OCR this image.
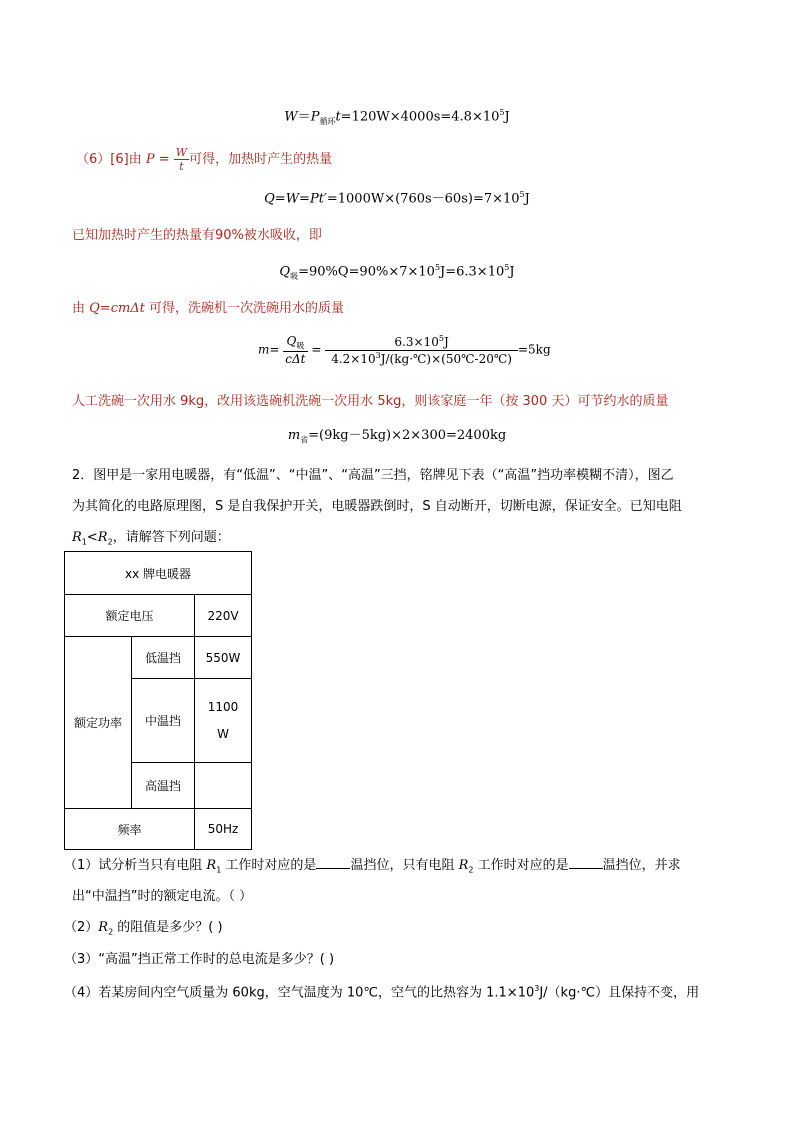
$W=P_{循环}t=120W\times 4000s=4.8\times 10^5J$
（6）[6]由 $P = \frac{W}{t}$ 可得，加热时产生的热量
$Q=W=Pt'=1000W\times(760s-60s)=7\times 10^5J$
已知加热时产生的热量有90%被水吸收，即
$Q_吸=90\%Q=90\%\times 7\times 10^5J=6.3\times 10^5J$
由 Q=cmΔt 可得，洗碗机一次洗碗用水的质量
$m= \frac{Q_吸}{\text{cΔt}} = \frac{6.3\times 10^5J}{4.2\times 10^3J/(kg\cdot℃)\times(50℃-20℃)} =5kg$
人工洗碗一次用水 9kg，改用该选碗机洗碗一次用水 5kg，则该家庭一年（按 300 天）可节约水的质量
$m_省=(9kg-5kg)\times 2\times 300=2400kg$
2．图甲是一家用电暖器，有“低温”、“中温”、“高温”三挡，铭牌见下表（“高温”挡功率模糊不清），图乙
为其简化的电路原理图，S 是自我保护开关，电暖器跌倒时，S 自动断开，切断电源，保证安全。已知电阻
$R_1<R_2$，请解答下列问题：
xx 牌电暖器		
额定电压		220V
额定功率	低温挡	550W
	中温挡	1100
W
	高温挡	
频率		50Hz
（1）试分析当只有电阻 $R_1$ 工作时对应的是	温挡位，只有电阻 $R_2$ 工作时对应的是	温挡位，并求
出“中温挡”时的额定电流。（ ）
$(2)R_2$ 的阻值是多少？( )
（3）“高温”挡正常工作时的总电流是多少？( )
（4）若某房间内空气质量为 60kg，空气温度为 10℃，空气的比热容为 $1.1\times 10^3J/(kg\cdot℃)$且保持不变，用
